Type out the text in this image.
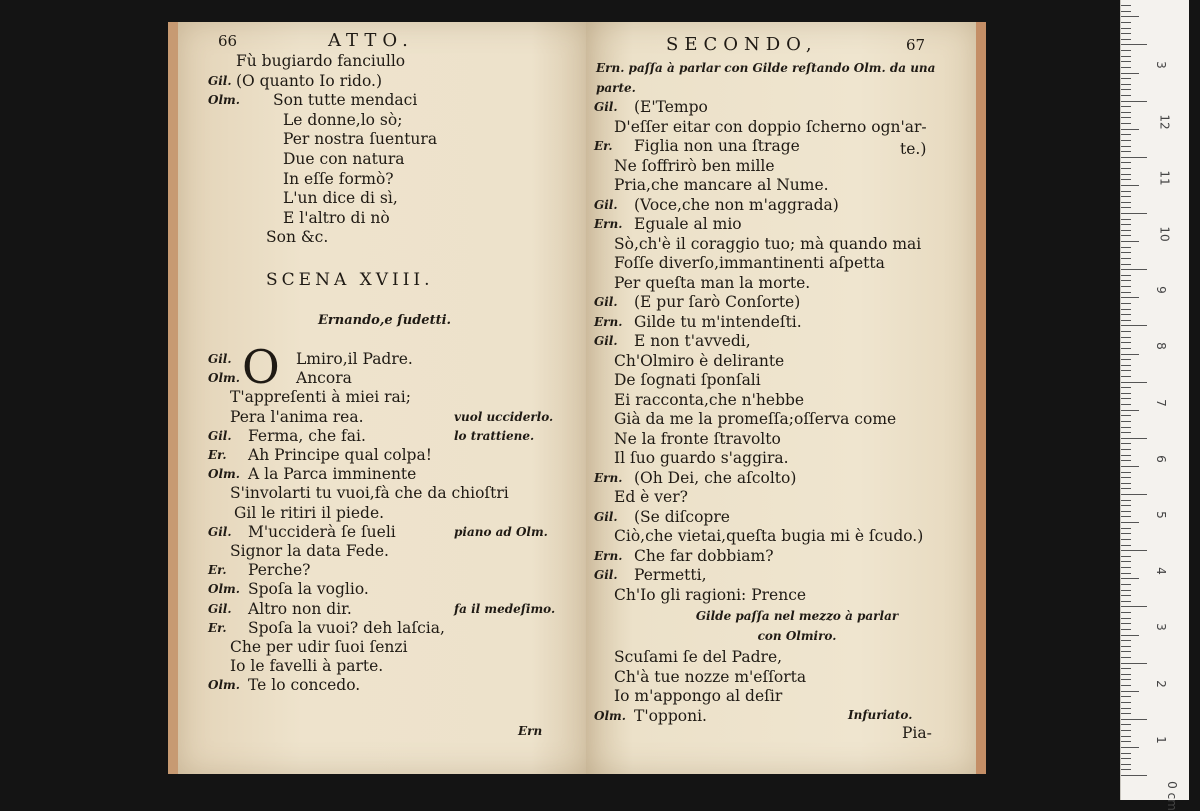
66	ATTO.
Fù bugiardo fanciullo
Gil. (O quanto Io rido.)
Olm. Son tutte mendaci
Le donne,lo sò;
Per nostra ſuentura
Due con natura
In eſſe formò?
L'un dice di sì,
E l'altro di nò
Son &c.
SCENA XVIII.
Ernando,e ſudetti.
O
Gil.	Lmiro,il Padre.
Olm.	Ancora
T'appreſenti à miei rai;
Pera l'anima rea.	vuol ucciderlo.
Gil. Ferma, che fai.	lo trattiene.
Er. Ah Principe qual colpa!
Olm. A la Parca imminente
S'involarti tu vuoi,fà che da chioſtri
Gil le ritiri il piede.
Gil. M'ucciderà ſe ſueli	piano ad Olm.
Signor la data Fede.
Er. Perche?
Olm. Spoſa la voglio.
Gil. Altro non dir.	fa il medeſimo.
Er. Spoſa la vuoi? deh laſcia,
Che per udir ſuoi ſenzi
Io le favelli à parte.
Olm. Te lo concedo.
Ern
SECONDO,	67
Ern. paſſa à parlar con Gilde reſtando Olm. da una parte.
Gil. (E'Tempo
D'eſſer eitar con doppio ſcherno ogn'ar-
Er. Figlia non una ſtrage
Ne ſoffrirò ben mille
Pria,che mancare al Nume.
Gil. (Voce,che non m'aggrada)
Ern. Eguale al mio
Sò,ch'è il coraggio tuo; mà quando mai
Foſſe diverſo,immantinenti aſpetta
Per queſta man la morte.
Gil. (E pur ſarò Conſorte)
Ern. Gilde tu m'intendeſti.
Gil. E non t'avvedi,
Ch'Olmiro è delirante
De ſognati ſponſali
Ei racconta,che n'hebbe
Già da me la promeſſa;oſſerva come
Ne la fronte ſtravolto
Il ſuo guardo s'aggira.
Ern. (Oh Dei, che aſcolto)
Ed è ver?
Gil. (Se diſcopre
Ciò,che vietai,queſta bugia mi è ſcudo.)
Ern. Che far dobbiam?
Gil. Permetti,
Ch'Io gli ragioni: Prence
te.)
Gilde paſſa nel mezzo à parlar con Olmiro.
Scuſami ſe del Padre,
Ch'à tue nozze m'eſſorta
Io m'appongo al deſir
Olm. T'opponi.	Infuriato.
Pia-
3
12
11
10
9
8
7
6
5
4
3
2
1
0 cm
